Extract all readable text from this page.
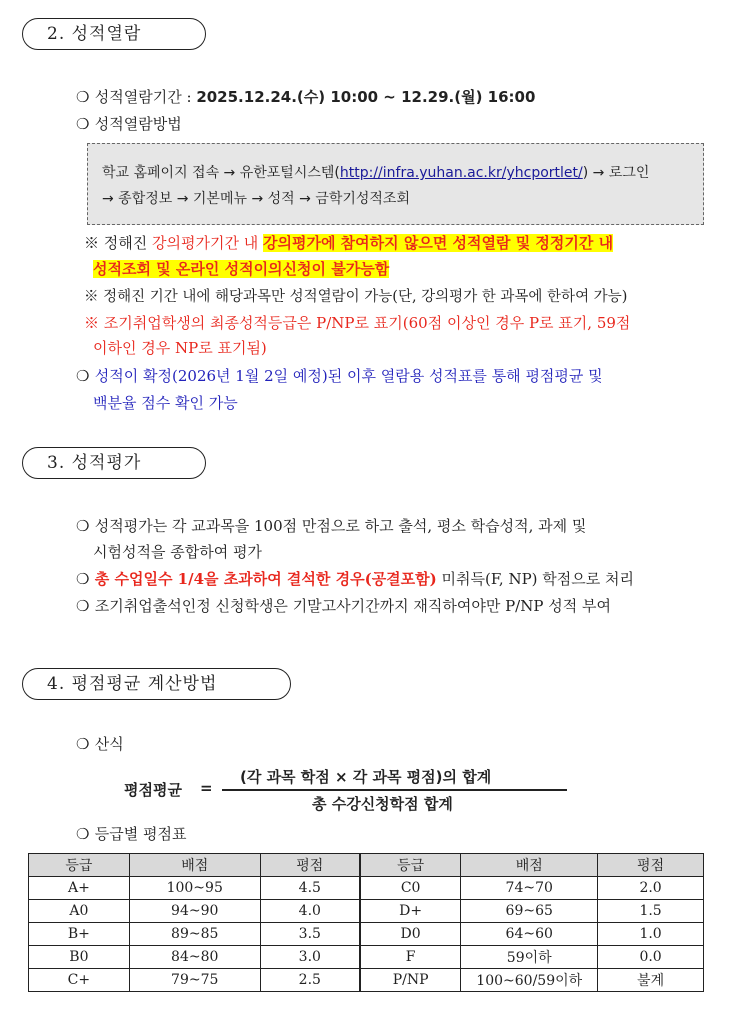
2. 성적열람
❍ 성적열람기간 : 2025.12.24.(수) 10:00 ~ 12.29.(월) 16:00
❍ 성적열람방법
학교 홈페이지 접속 → 유한포털시스템(http://infra.yuhan.ac.kr/yhcportlet/) → 로그인
→ 종합정보 → 기본메뉴 → 성적 → 금학기성적조회
※ 정해진 강의평가기간 내 강의평가에 참여하지 않으면 성적열람 및 정정기간 내
성적조회 및 온라인 성적이의신청이 불가능함
※ 정해진 기간 내에 해당과목만 성적열람이 가능(단, 강의평가 한 과목에 한하여 가능)
※ 조기취업학생의 최종성적등급은 P/NP로 표기(60점 이상인 경우 P로 표기, 59점
이하인 경우 NP로 표기됨)
❍ 성적이 확정(2026년 1월 2일 예정)된 이후 열람용 성적표를 통해 평점평균 및
백분율 점수 확인 가능
3. 성적평가
❍ 성적평가는 각 교과목을 100점 만점으로 하고 출석, 평소 학습성적, 과제 및
시험성적을 종합하여 평가
❍ 총 수업일수 1/4을 초과하여 결석한 경우(공결포함) 미취득(F, NP) 학점으로 처리
❍ 조기취업출석인정 신청학생은 기말고사기간까지 재직하여야만 P/NP 성적 부여
4. 평점평균 계산방법
❍ 산식
평점평균 =
(각 과목 학점 × 각 과목 평점)의 합계
총 수강신청학점 합계
❍ 등급별 평점표
등급	배점	평점	등급	배점	평점
A+	100~95	4.5	C0	74~70	2.0
A0	94~90	4.0	D+	69~65	1.5
B+	89~85	3.5	D0	64~60	1.0
B0	84~80	3.0	F	59이하	0.0
C+	79~75	2.5	P/NP	100~60/59이하	불계
